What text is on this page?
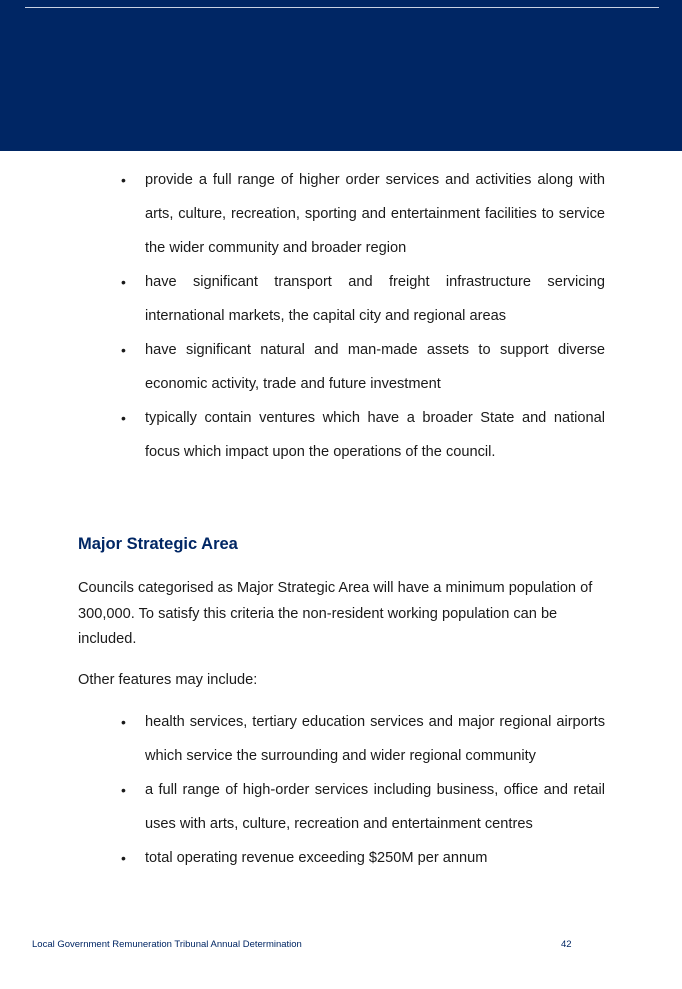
• provide a full range of higher order services and activities along with arts, culture, recreation, sporting and entertainment facilities to service the wider community and broader region
• have significant transport and freight infrastructure servicing international markets, the capital city and regional areas
• have significant natural and man-made assets to support diverse economic activity, trade and future investment
• typically contain ventures which have a broader State and national focus which impact upon the operations of the council.
Major Strategic Area

Councils categorised as Major Strategic Area will have a minimum population of 300,000. To satisfy this criteria the non-resident working population can be included.

Other features may include:

• health services, tertiary education services and major regional airports which service the surrounding and wider regional community
• a full range of high-order services including business, office and retail uses with arts, culture, recreation and entertainment centres
• total operating revenue exceeding $250M per annum
Local Government Remuneration Tribunal Annual Determination	42
